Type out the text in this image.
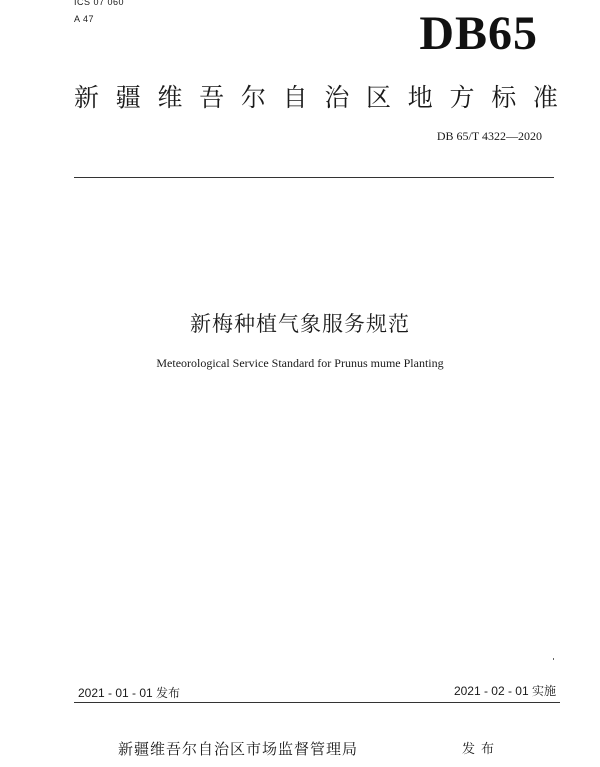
ICS 07 060
A 47	DB65
新 疆 维 吾 尔 自 治 区 地 方 标 准
DB 65/T 4322—2020
新梅种植气象服务规范
Meteorological Service Standard for Prunus mume Planting
2021 - 01 - 01 发布	2021 - 02 - 01 实施
新疆维吾尔自治区市场监督管理局	发布
